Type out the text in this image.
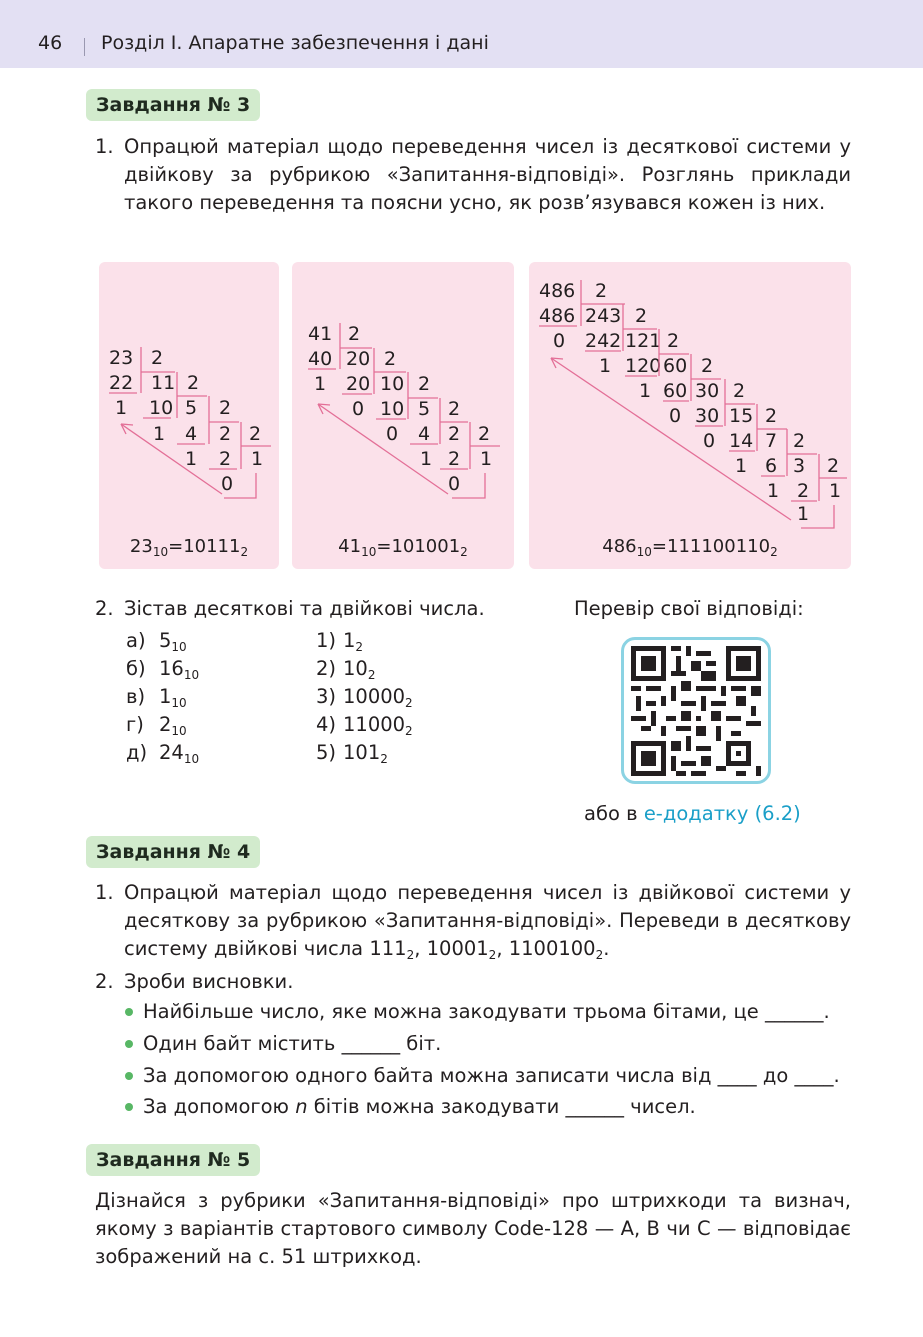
46 Розділ І. Апаратне забезпечення і дані
Завдання № 3
1. Опрацюй матеріал щодо переведення чисел із десяткової системи у двійкову за рубрикою «Запитання-відповіді». Розглянь приклади такого переведення та поясни усно, як розв’язувався кожен із них.
23 2
22 11 2
1 10 5 2
1 4 2 2
1 2 1
0
$23_{10}=10111_2$
41 2
40 20 2
1 20 10 2
0 10 5 2
0 4 2 2
1 2 1
0
$41_{10}=101001_2$
486 2
486 243 2
0 242 121 2
1 120 60 2
1 60 30 2
0 30 15 2
0 14 7 2
1 6 3 2
1 2 1
1
$486_{10}=111100110_2$
2. Зістав десяткові та двійкові числа.
а) $5_{10}$
б) $16_{10}$
в) $1_{10}$
г) $2_{10}$
д) $24_{10}$
1) $1_2$
2) $10_2$
3) $10000_2$
4) $11000_2$
5) $101_2$
Перевір свої відповіді:
або в е-додатку (6.2)
Завдання № 4
1. Опрацюй матеріал щодо переведення чисел із двійкової системи у десяткову за рубрикою «Запитання-відповіді». Переведи в десяткову систему двійкові числа $111_2$, $10001_2$, $1100100_2$.
2. Зроби висновки.
Найбільше число, яке можна закодувати трьома бітами, це ______.
Один байт містить ______ біт.
За допомогою одного байта можна записати числа від ____ до ____.
За допомогою n бітів можна закодувати ______ чисел.
Завдання № 5
Дізнайся з рубрики «Запитання-відповіді» про штрихкоди та визнач, якому з варіантів стартового символу Code-128 — A, B чи C — відповідає зображений на с. 51 штрихкод.
